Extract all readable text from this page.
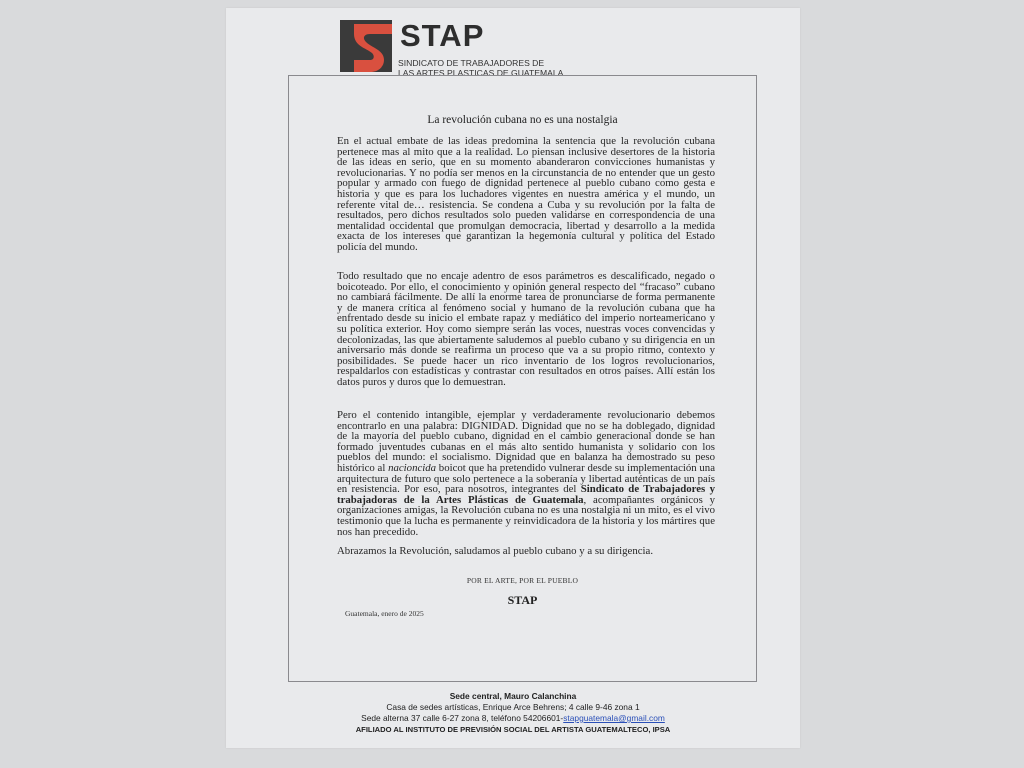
STAP
SINDICATO DE TRABAJADORES DE
LAS ARTES PLASTICAS DE GUATEMALA
La revolución cubana no es una nostalgia

En el actual embate de las ideas predomina la sentencia que la revolución cubana pertenece mas al mito que a la realidad. Lo piensan inclusive desertores de la historia de las ideas en serio, que en su momento abanderaron convicciones humanistas y revolucionarias. Y no podía ser menos en la circunstancia de no entender que un gesto popular y armado con fuego de dignidad pertenece al pueblo cubano como gesta e historia y que es para los luchadores vigentes en nuestra américa y el mundo, un referente vital de… resistencia. Se condena a Cuba y su revolución por la falta de resultados, pero dichos resultados solo pueden validarse en correspondencia de una mentalidad occidental que promulgan democracia, libertad y desarrollo a la medida exacta de los intereses que garantizan la hegemonía cultural y política del Estado policía del mundo.

Todo resultado que no encaje adentro de esos parámetros es descalificado, negado o boicoteado. Por ello, el conocimiento y opinión general respecto del “fracaso” cubano no cambiará fácilmente. De allí la enorme tarea de pronunciarse de forma permanente y de manera crítica al fenómeno social y humano de la revolución cubana que ha enfrentado desde su inicio el embate rapaz y mediático del imperio norteamericano y su política exterior. Hoy como siempre serán las voces, nuestras voces convencidas y decolonizadas, las que abiertamente saludemos al pueblo cubano y su dirigencia en un aniversario más donde se reafirma un proceso que va a su propio ritmo, contexto y posibilidades. Se puede hacer un rico inventario de los logros revolucionarios, respaldarlos con estadísticas y contrastar con resultados en otros países. Allí están los datos puros y duros que lo demuestran.

Pero el contenido intangible, ejemplar y verdaderamente revolucionario debemos encontrarlo en una palabra: DIGNIDAD. Dignidad que no se ha doblegado, dignidad de la mayoría del pueblo cubano, dignidad en el cambio generacional donde se han formado juventudes cubanas en el más alto sentido humanista y solidario con los pueblos del mundo: el socialismo. Dignidad que en balanza ha demostrado su peso histórico al nacioncida boicot que ha pretendido vulnerar desde su implementación una arquitectura de futuro que solo pertenece a la soberanía y libertad auténticas de un país en resistencia. Por eso, para nosotros, integrantes del Sindicato de Trabajadores y trabajadoras de la Artes Plásticas de Guatemala, acompañantes orgánicos y organizaciones amigas, la Revolución cubana no es una nostalgia ni un mito, es el vivo testimonio que la lucha es permanente y reinvidicadora de la historia y los mártires que nos han precedido.

Abrazamos la Revolución, saludamos al pueblo cubano y a su dirigencia.

POR EL ARTE, POR EL PUEBLO
STAP
Guatemala, enero de 2025
Sede central, Mauro Calanchina
Casa de sedes artísticas, Enrique Arce Behrens; 4 calle 9-46 zona 1
Sede alterna 37 calle 6-27 zona 8, teléfono 54206601-stapguatemala@gmail.com
AFILIADO AL INSTITUTO DE PREVISIÓN SOCIAL DEL ARTISTA GUATEMALTECO, IPSA
